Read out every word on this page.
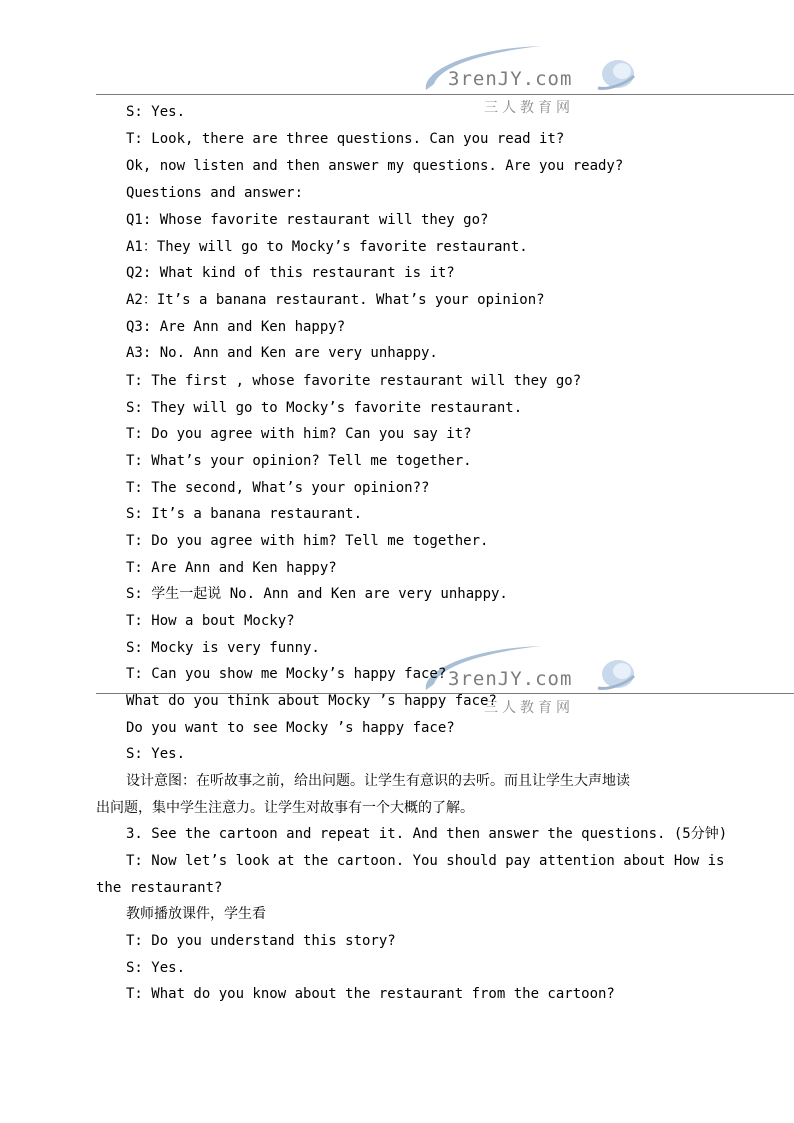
3renJY.com
三人教育网
3renJY.com
三人教育网
S: Yes.
T: Look, there are three questions. Can you read it?
Ok, now listen and then answer my questions. Are you ready?
Questions and answer:
Q1: Whose favorite restaurant will they go?
A1：They will go to Mocky’s favorite restaurant.
Q2: What kind of this restaurant is it?
A2：It’s a banana restaurant. What’s your opinion?
Q3: Are Ann and Ken happy?
A3: No. Ann and Ken are very unhappy.
T: The first , whose favorite restaurant will they go?
S: They will go to Mocky’s favorite restaurant.
T: Do you agree with him? Can you say it?
T: What’s your opinion? Tell me together.
T: The second, What’s your opinion??
S: It’s a banana restaurant.
T: Do you agree with him? Tell me together.
T: Are Ann and Ken happy?
S: 学生一起说 No. Ann and Ken are very unhappy.
T: How a bout Mocky?
S: Mocky is very funny.
T: Can you show me Mocky’s happy face?
What do you think about Mocky ’s happy face?
Do you want to see Mocky ’s happy face?
S: Yes.
设计意图：在听故事之前，给出问题。让学生有意识的去听。而且让学生大声地读
出问题，集中学生注意力。让学生对故事有一个大概的了解。
3. See the cartoon and repeat it. And then answer the questions. (5分钟)
T: Now let’s look at the cartoon. You should pay attention about How is
the restaurant?
教师播放课件，学生看
T: Do you understand this story?
S: Yes.
T: What do you know about the restaurant from the cartoon?
